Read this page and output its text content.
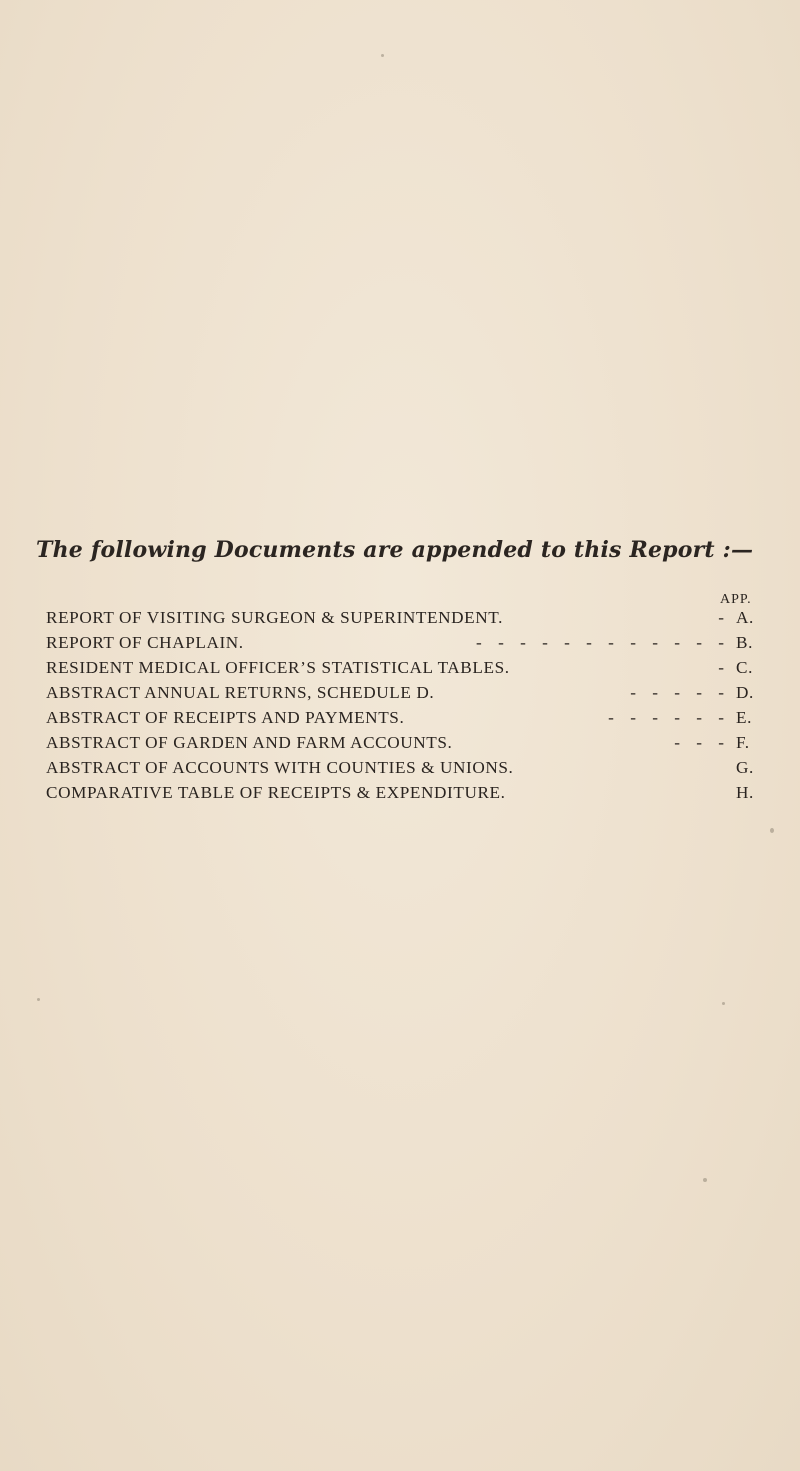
The following Documents are appended to this Report :—
APP.
REPORT OF VISITING SURGEON & SUPERINTENDENT.	- A.
REPORT OF CHAPLAIN.	- - - - - - - - - - - - B.
RESIDENT MEDICAL OFFICER’S STATISTICAL TABLES.	- C.
ABSTRACT ANNUAL RETURNS, SCHEDULE D.	- - - - - D.
ABSTRACT OF RECEIPTS AND PAYMENTS.	- - - - - - E.
ABSTRACT OF GARDEN AND FARM ACCOUNTS.	- - - F.
ABSTRACT OF ACCOUNTS WITH COUNTIES & UNIONS.	G.
COMPARATIVE TABLE OF RECEIPTS & EXPENDITURE.	H.
